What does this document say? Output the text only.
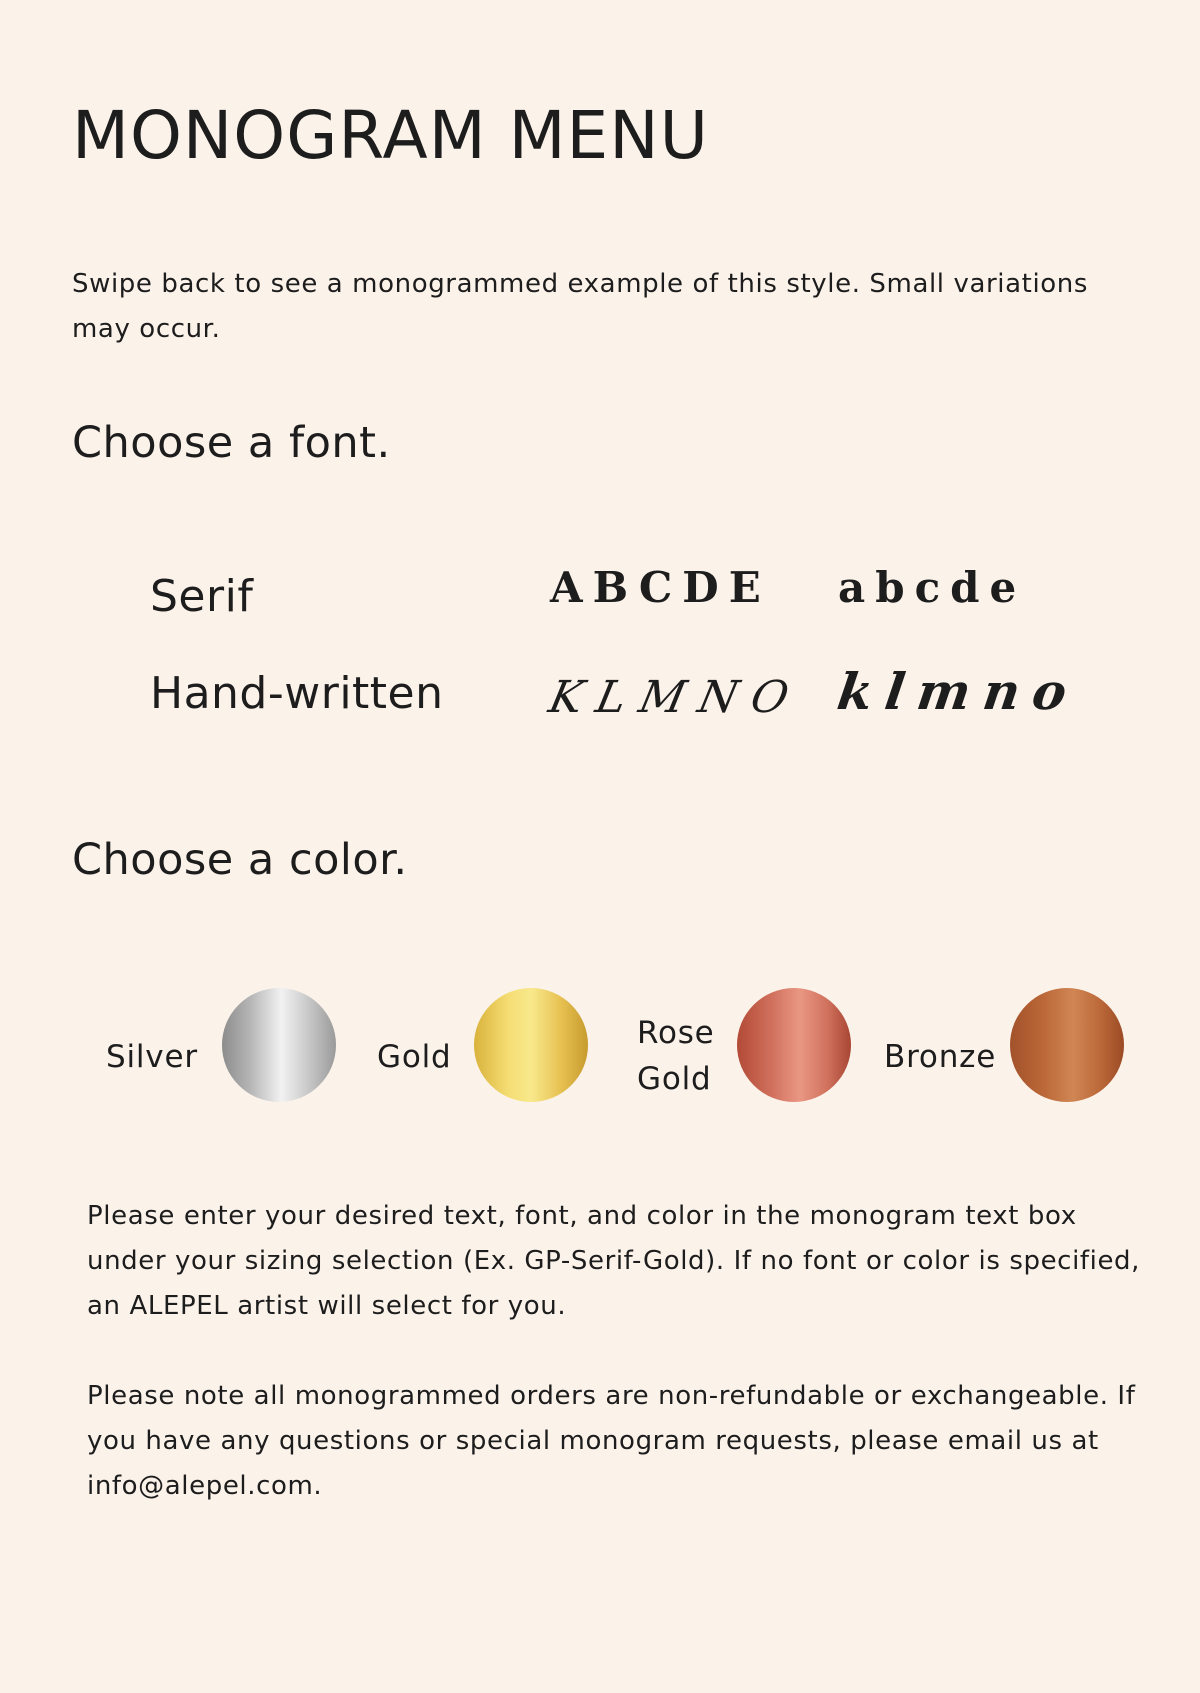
MONOGRAM MENU

Swipe back to see a monogrammed example of this style. Small variations may occur.

Choose a font.
Serif	ABCDE abcde
Hand-written KLMNO klmno
Choose a color.
Silver	Gold
Rose
Gold
Bronze

Please enter your desired text, font, and color in the monogram text box under your sizing selection (Ex. GP-Serif-Gold). If no font or color is specified, an ALEPEL artist will select for you.

Please note all monogrammed orders are non-refundable or exchangeable. If you have any questions or special monogram requests, please email us at info@alepel.com.
